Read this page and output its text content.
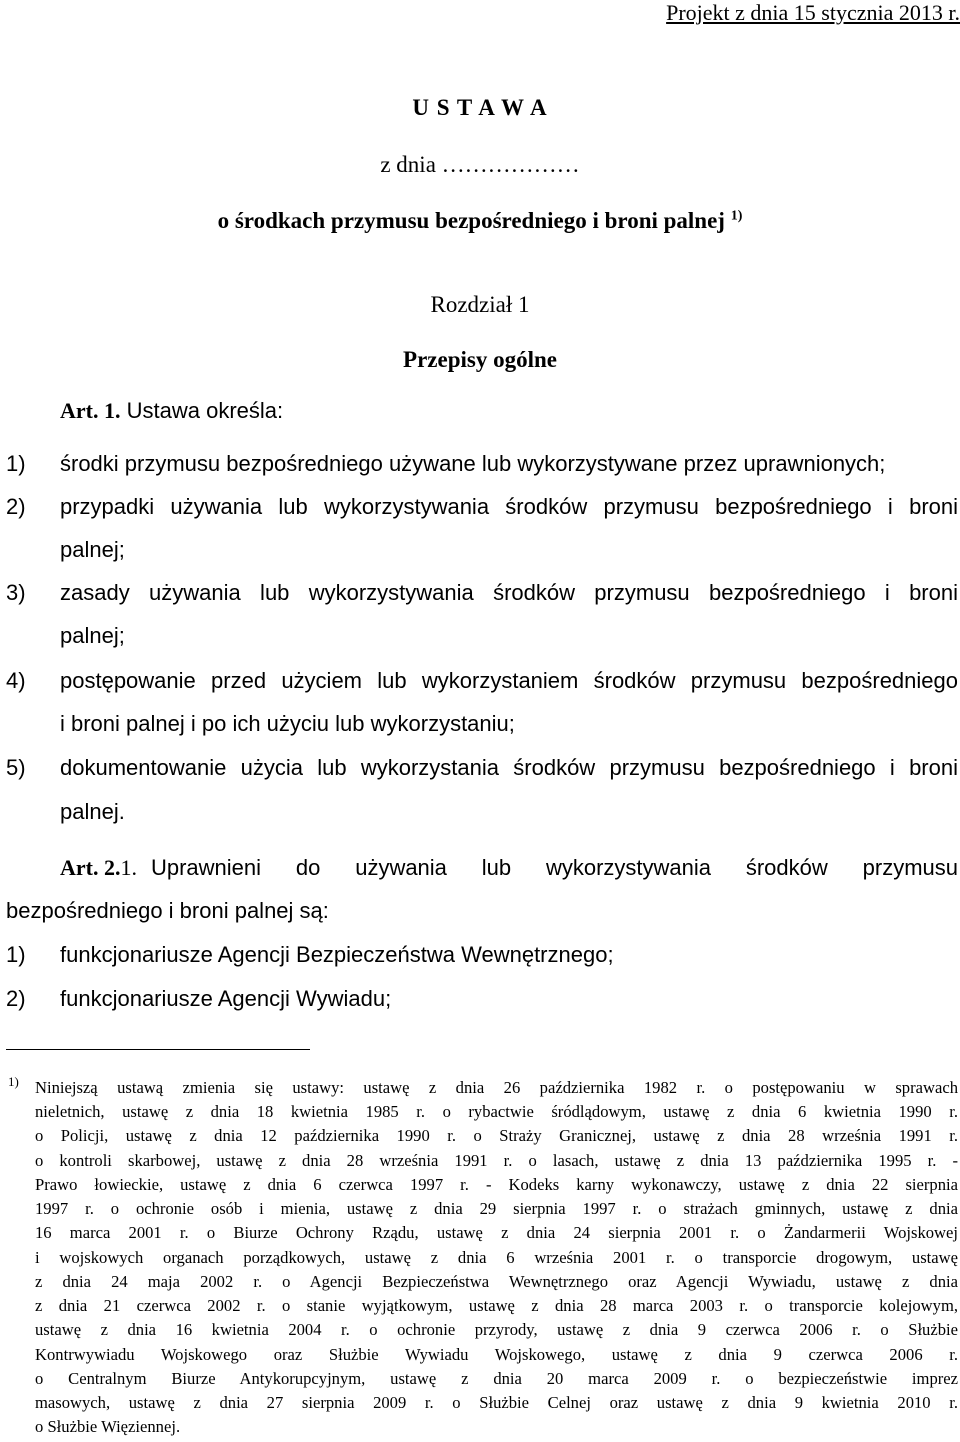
Projekt z dnia 15 stycznia 2013 r.
U S T A W A
z dnia ………………
o środkach przymusu bezpośredniego i broni palnej $^{1)}$
Rozdział 1
Przepisy ogólne
Art. 1. Ustawa określa:
1) środki przymusu bezpośredniego używane lub wykorzystywane przez uprawnionych;
2) przypadki używania lub wykorzystywania środków przymusu bezpośredniego i broni
palnej;
3) zasady używania lub wykorzystywania środków przymusu bezpośredniego i broni
palnej;
4) postępowanie przed użyciem lub wykorzystaniem środków przymusu bezpośredniego
i broni palnej i po ich użyciu lub wykorzystaniu;
5) dokumentowanie użycia lub wykorzystania środków przymusu bezpośredniego i broni
palnej.
Art. 2. 1. Uprawnieni do używania lub wykorzystywania środków przymusu
bezpośredniego i broni palnej są:
1) funkcjonariusze Agencji Bezpieczeństwa Wewnętrznego;
2) funkcjonariusze Agencji Wywiadu;
1) Niniejszą ustawą zmienia się ustawy: ustawę z dnia 26 października 1982 r. o postępowaniu w sprawach
nieletnich, ustawę z dnia 18 kwietnia 1985 r. o rybactwie śródlądowym, ustawę z dnia 6 kwietnia 1990 r.
o Policji, ustawę z dnia 12 października 1990 r. o Straży Granicznej, ustawę z dnia 28 września 1991 r.
o kontroli skarbowej, ustawę z dnia 28 września 1991 r. o lasach, ustawę z dnia 13 października 1995 r. -
Prawo łowieckie, ustawę z dnia 6 czerwca 1997 r. - Kodeks karny wykonawczy, ustawę z dnia 22 sierpnia
1997 r. o ochronie osób i mienia, ustawę z dnia 29 sierpnia 1997 r. o strażach gminnych, ustawę z dnia
16 marca 2001 r. o Biurze Ochrony Rządu, ustawę z dnia 24 sierpnia 2001 r. o Żandarmerii Wojskowej
i wojskowych organach porządkowych, ustawę z dnia 6 września 2001 r. o transporcie drogowym, ustawę
z dnia 24 maja 2002 r. o Agencji Bezpieczeństwa Wewnętrznego oraz Agencji Wywiadu, ustawę z dnia
z dnia 21 czerwca 2002 r. o stanie wyjątkowym, ustawę z dnia 28 marca 2003 r. o transporcie kolejowym,
ustawę z dnia 16 kwietnia 2004 r. o ochronie przyrody, ustawę z dnia 9 czerwca 2006 r. o Służbie
Kontrwywiadu Wojskowego oraz Służbie Wywiadu Wojskowego, ustawę z dnia 9 czerwca 2006 r.
o Centralnym Biurze Antykorupcyjnym, ustawę z dnia 20 marca 2009 r. o bezpieczeństwie imprez
masowych, ustawę z dnia 27 sierpnia 2009 r. o Służbie Celnej oraz ustawę z dnia 9 kwietnia 2010 r.
o Służbie Więziennej.
